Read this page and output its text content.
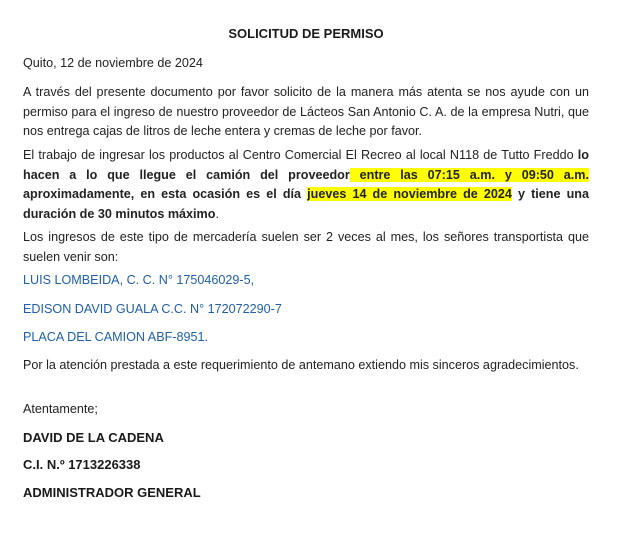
SOLICITUD DE PERMISO
Quito, 12 de noviembre de 2024
A través del presente documento por favor solicito de la manera más atenta se nos ayude con un permiso para el ingreso de nuestro proveedor de Lácteos San Antonio C. A. de la empresa Nutri, que nos entrega cajas de litros de leche entera y cremas de leche por favor.
El trabajo de ingresar los productos al Centro Comercial El Recreo al local N118 de Tutto Freddo lo hacen a lo que llegue el camión del proveedor entre las 07:15 a.m. y 09:50 a.m. aproximadamente, en esta ocasión es el día jueves 14 de noviembre de 2024 y tiene una duración de 30 minutos máximo.
Los ingresos de este tipo de mercadería suelen ser 2 veces al mes, los señores transportista que suelen venir son:
LUIS LOMBEIDA, C. C. N° 175046029-5,
EDISON DAVID GUALA C.C. N° 172072290-7
PLACA DEL CAMION ABF-8951.
Por la atención prestada a este requerimiento de antemano extiendo mis sinceros agradecimientos.
Atentamente;
DAVID DE LA CADENA
C.I. N.º 1713226338
ADMINISTRADOR GENERAL
